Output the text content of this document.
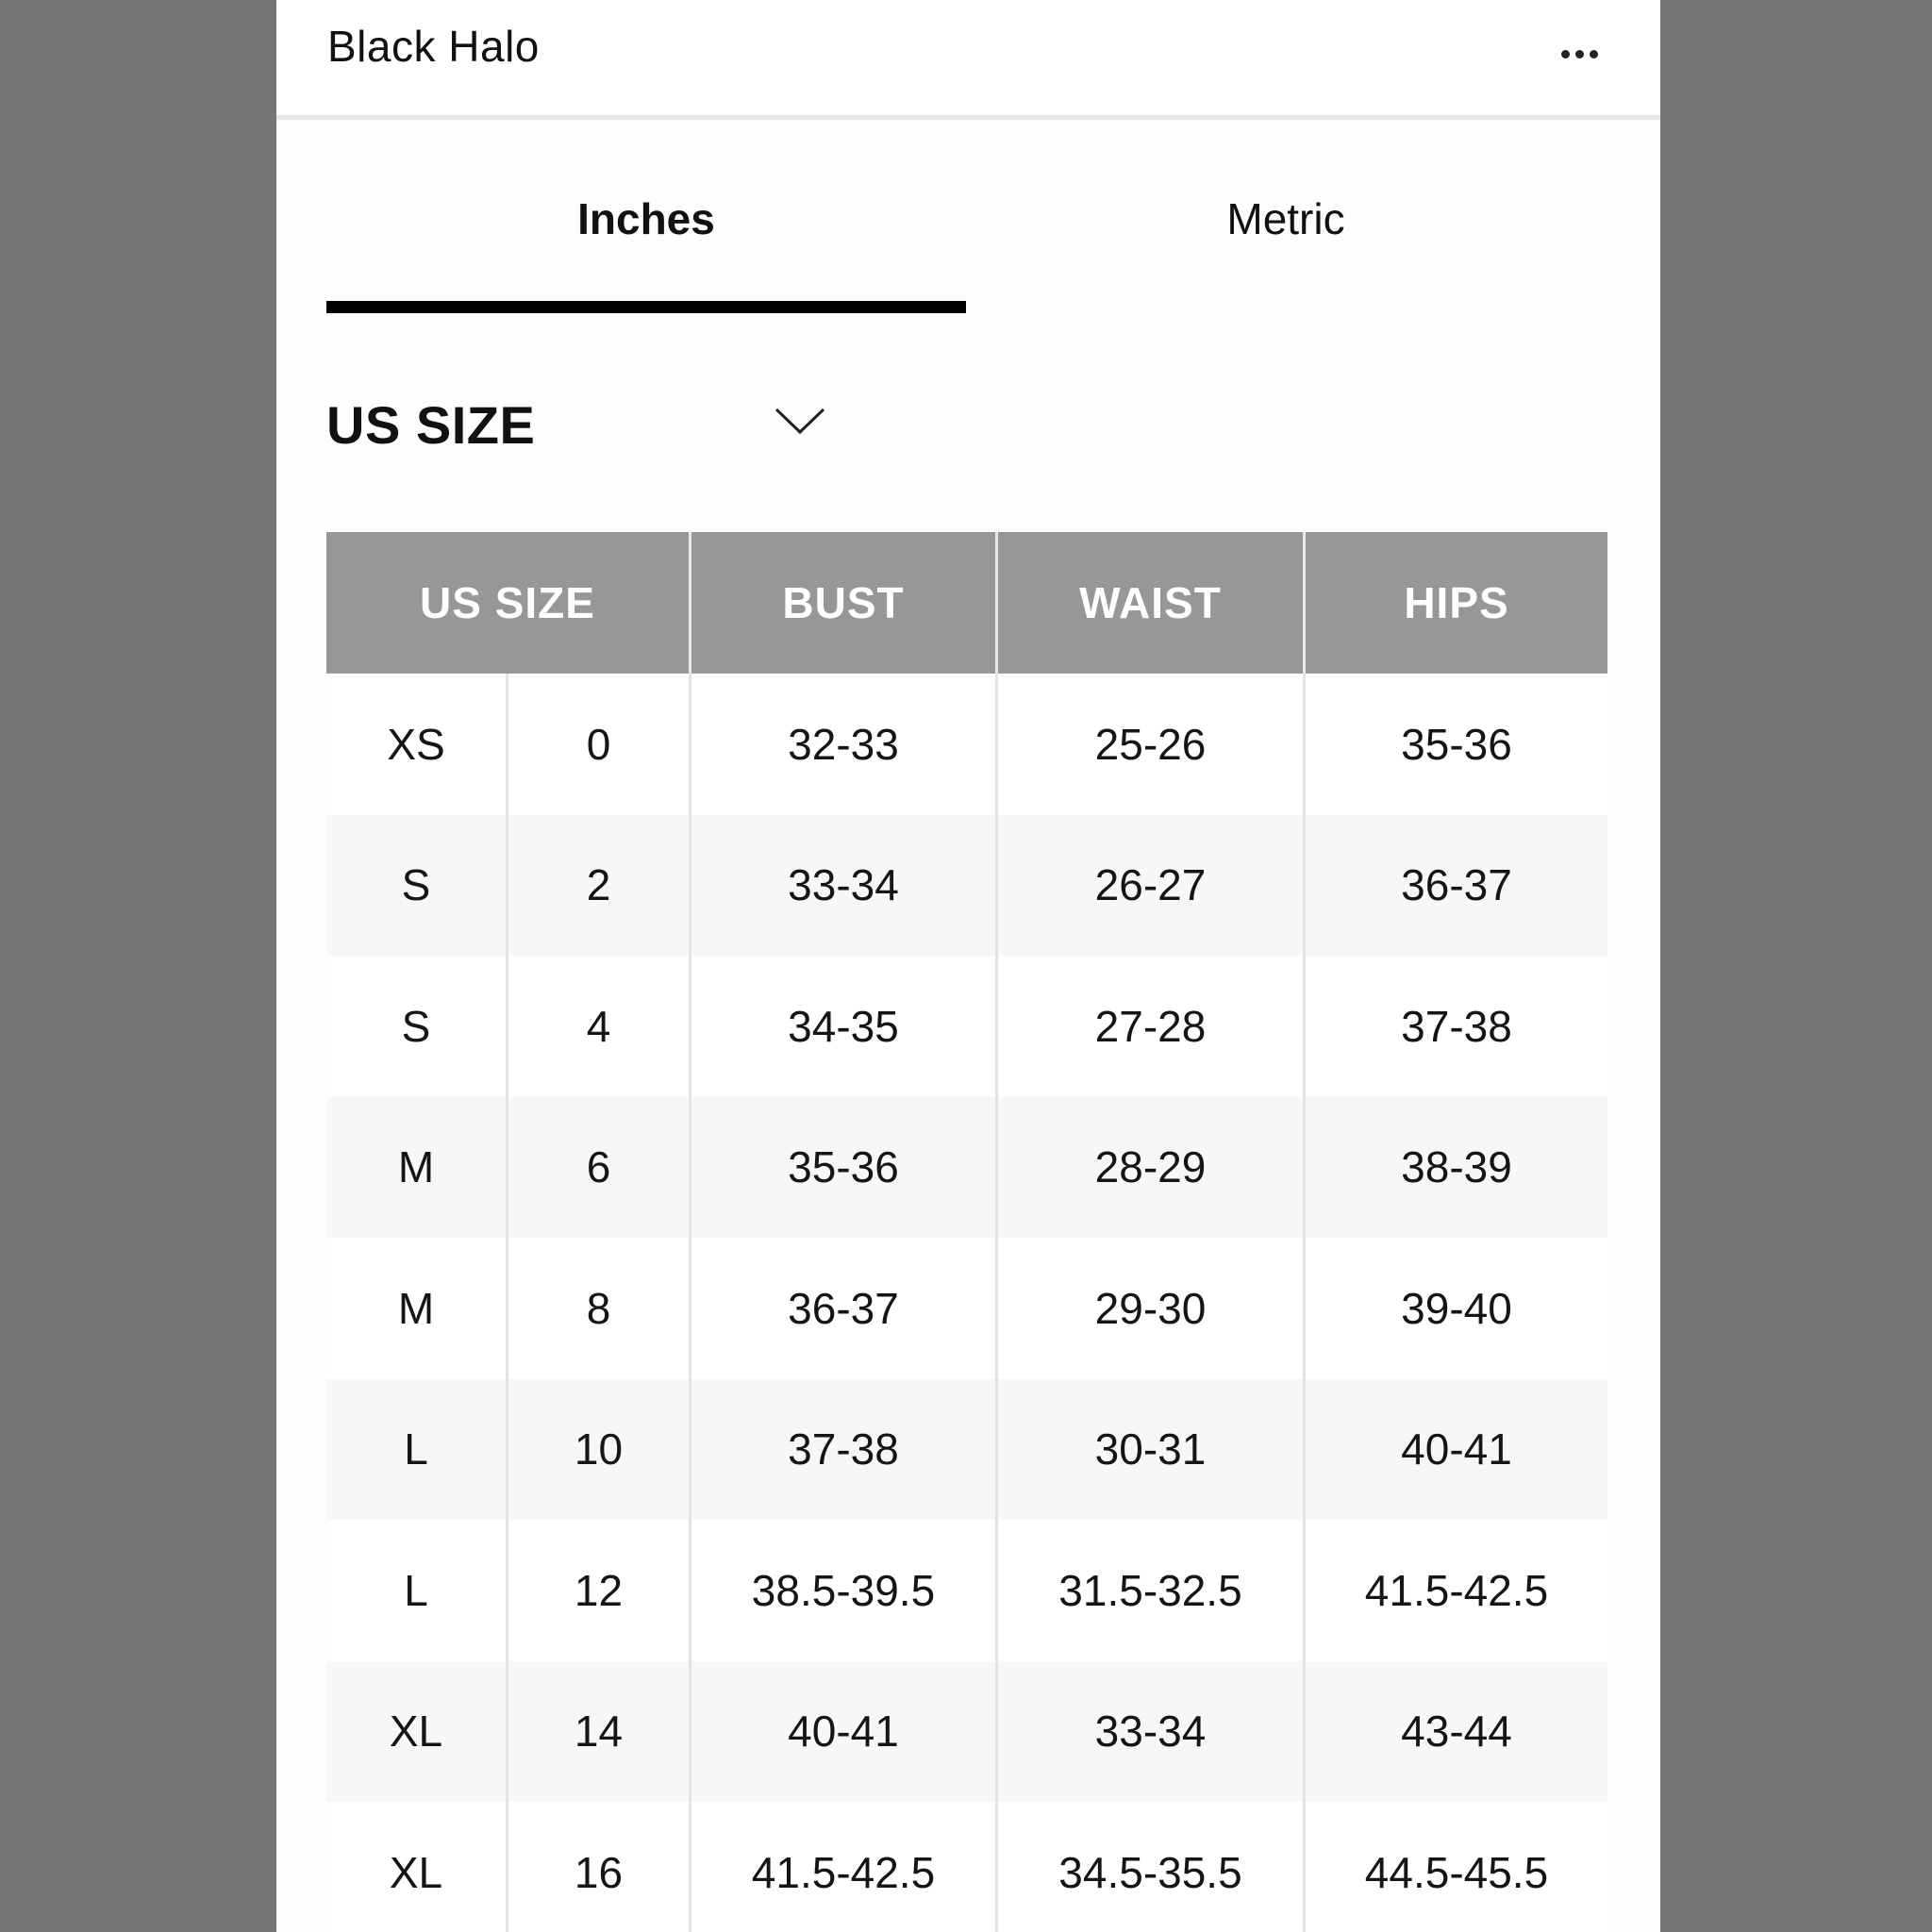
Black Halo
Inches	Metric
US SIZE
US SIZE	BUST	WAIST	HIPS
XS	0	32-33	25-26	35-36
S	2	33-34	26-27	36-37
S	4	34-35	27-28	37-38
M	6	35-36	28-29	38-39
M	8	36-37	29-30	39-40
L	10	37-38	30-31	40-41
L	12	38.5-39.5	31.5-32.5	41.5-42.5
XL	14	40-41	33-34	43-44
XL	16	41.5-42.5	34.5-35.5	44.5-45.5
